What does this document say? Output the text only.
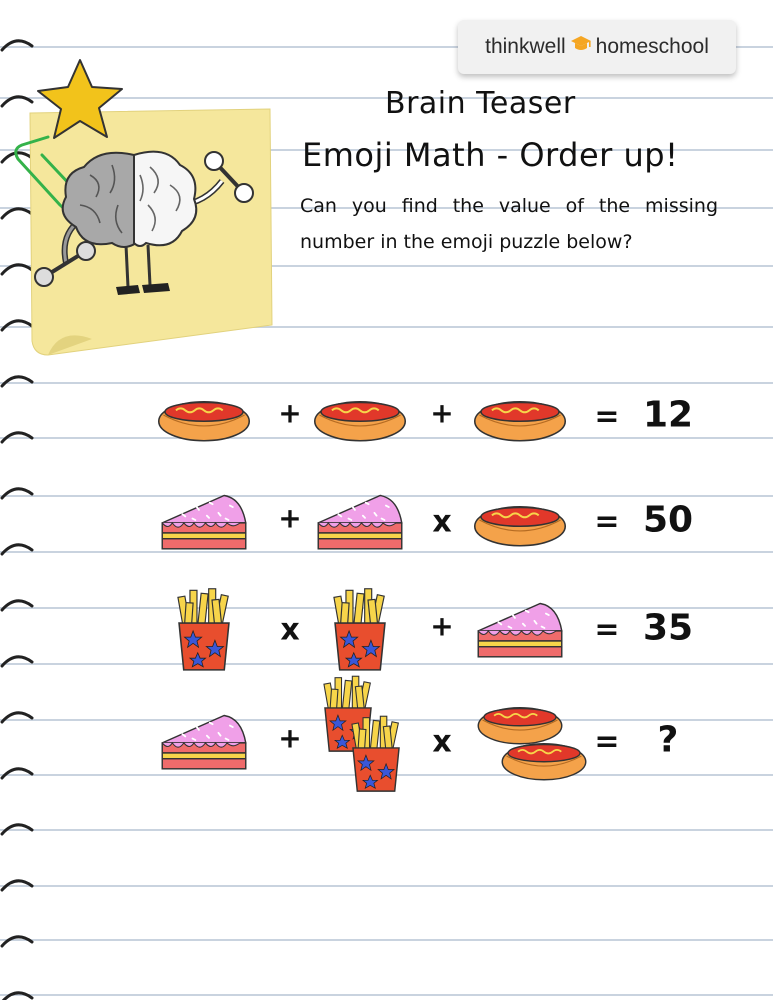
thinkwell homeschool
Brain Teaser
Emoji Math - Order up!
Can you find the value of the missing number in the emoji puzzle below?
+	+	= 12
+	x	= 50
x	+	= 35
+	x	= ?
